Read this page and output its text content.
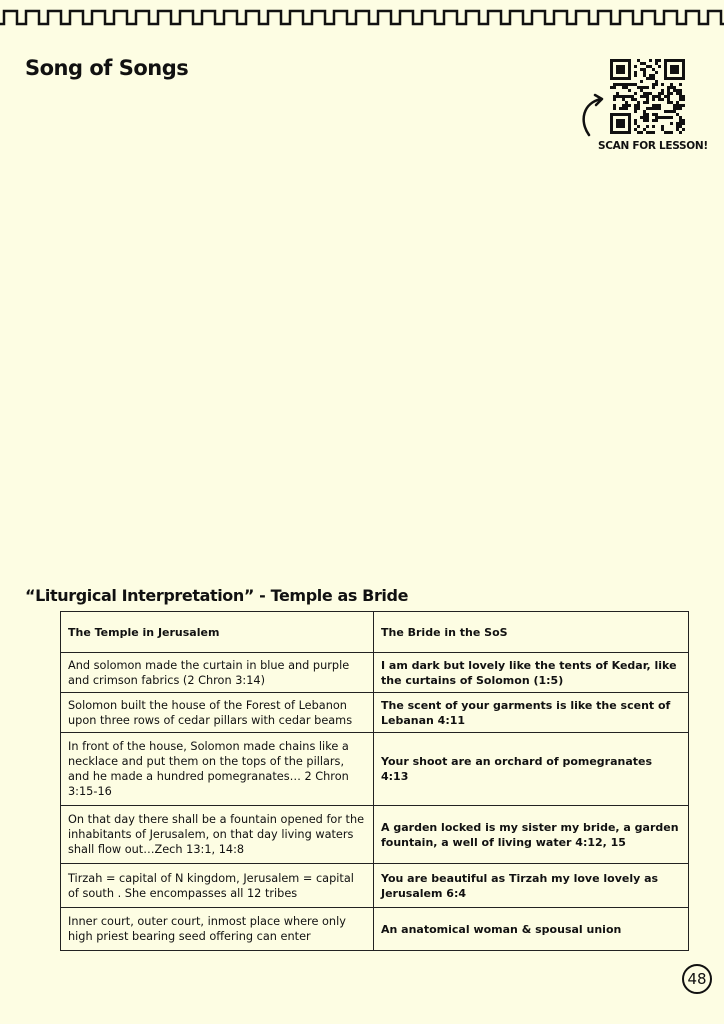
Song of Songs
SCAN FOR LESSON!
“Liturgical Interpretation” - Temple as Bride
The Temple in Jerusalem	The Bride in the SoS
And solomon made the curtain in blue and purple and crimson fabrics (2 Chron 3:14)	I am dark but lovely like the tents of Kedar, like the curtains of Solomon (1:5)
Solomon built the house of the Forest of Lebanon upon three rows of cedar pillars with cedar beams	The scent of your garments is like the scent of Lebanan 4:11
In front of the house, Solomon made chains like a necklace and put them on the tops of the pillars, and he made a hundred pomegranates… 2 Chron 3:15-16	Your shoot are an orchard of pomegranates 4:13
On that day there shall be a fountain opened for the inhabitants of Jerusalem, on that day living waters shall flow out…Zech 13:1, 14:8	A garden locked is my sister my bride, a garden fountain, a well of living water 4:12, 15
Tirzah = capital of N kingdom, Jerusalem = capital of south . She encompasses all 12 tribes	You are beautiful as Tirzah my love lovely as Jerusalem 6:4
Inner court, outer court, inmost place where only high priest bearing seed offering can enter	An anatomical woman & spousal union
48
